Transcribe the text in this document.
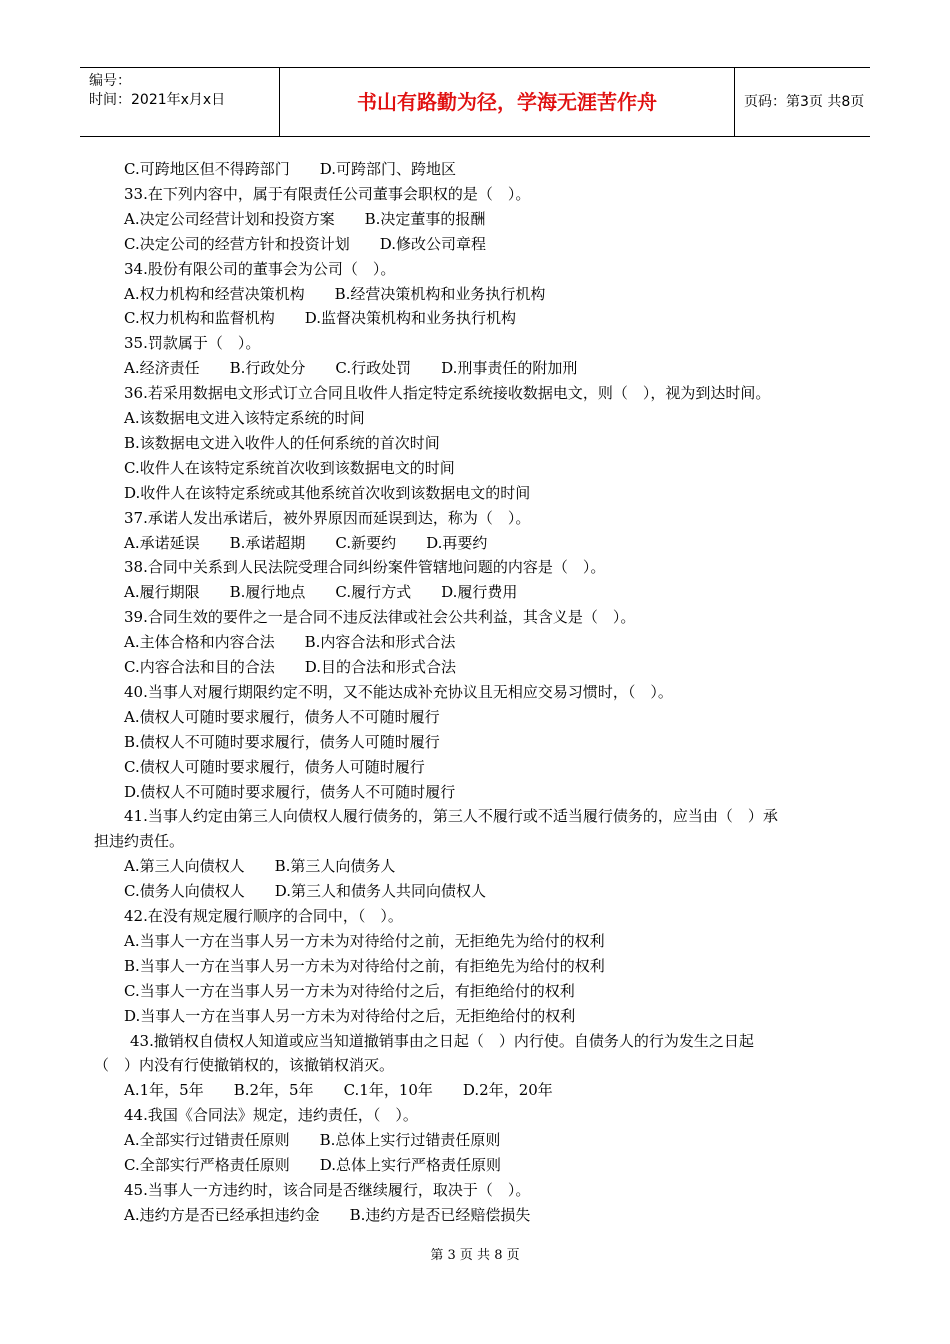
编号：
时间：2021年x月x日	书山有路勤为径，学海无涯苦作舟	页码：第3页 共8页
C.可跨地区但不得跨部门　　D.可跨部门、跨地区
33.在下列内容中，属于有限责任公司董事会职权的是（　）。
A.决定公司经营计划和投资方案　　B.决定董事的报酬
C.决定公司的经营方针和投资计划　　D.修改公司章程
34.股份有限公司的董事会为公司（　）。
A.权力机构和经营决策机构　　B.经营决策机构和业务执行机构
C.权力机构和监督机构　　D.监督决策机构和业务执行机构
35.罚款属于（　）。
A.经济责任　　B.行政处分　　C.行政处罚　　D.刑事责任的附加刑
36.若采用数据电文形式订立合同且收件人指定特定系统接收数据电文，则（　），视为到达时间。
A.该数据电文进入该特定系统的时间
B.该数据电文进入收件人的任何系统的首次时间
C.收件人在该特定系统首次收到该数据电文的时间
D.收件人在该特定系统或其他系统首次收到该数据电文的时间
37.承诺人发出承诺后，被外界原因而延误到达，称为（　）。
A.承诺延误　　B.承诺超期　　C.新要约　　D.再要约
38.合同中关系到人民法院受理合同纠纷案件管辖地问题的内容是（　）。
A.履行期限　　B.履行地点　　C.履行方式　　D.履行费用
39.合同生效的要件之一是合同不违反法律或社会公共利益，其含义是（　）。
A.主体合格和内容合法　　B.内容合法和形式合法
C.内容合法和目的合法　　D.目的合法和形式合法
40.当事人对履行期限约定不明，又不能达成补充协议且无相应交易习惯时，（　）。
A.债权人可随时要求履行，债务人不可随时履行
B.债权人不可随时要求履行，债务人可随时履行
C.债权人可随时要求履行，债务人可随时履行
D.债权人不可随时要求履行，债务人不可随时履行
41.当事人约定由第三人向债权人履行债务的，第三人不履行或不适当履行债务的，应当由（　）承
担违约责任。
A.第三人向债权人　　B.第三人向债务人
C.债务人向债权人　　D.第三人和债务人共同向债权人
42.在没有规定履行顺序的合同中，（　）。
A.当事人一方在当事人另一方未为对待给付之前，无拒绝先为给付的权利
B.当事人一方在当事人另一方未为对待给付之前，有拒绝先为给付的权利
C.当事人一方在当事人另一方未为对待给付之后，有拒绝给付的权利
D.当事人一方在当事人另一方未为对待给付之后，无拒绝给付的权利
43.撤销权自债权人知道或应当知道撤销事由之日起（　）内行使。自债务人的行为发生之日起
（　）内没有行使撤销权的，该撤销权消灭。
A.1年，5年　　B.2年，5年　　C.1年，10年　　D.2年，20年
44.我国《合同法》规定，违约责任，（　）。
A.全部实行过错责任原则　　B.总体上实行过错责任原则
C.全部实行严格责任原则　　D.总体上实行严格责任原则
45.当事人一方违约时，该合同是否继续履行，取决于（　）。
A.违约方是否已经承担违约金　　B.违约方是否已经赔偿损失
第 3 页 共 8 页
